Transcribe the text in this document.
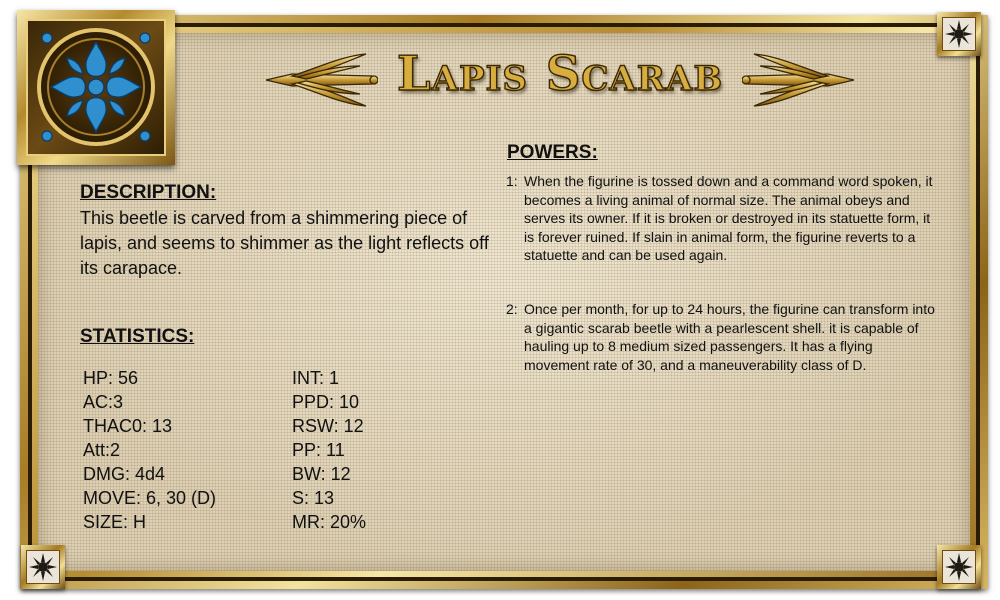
Lapis Scarab
DESCRIPTION:
This beetle is carved from a shimmering piece of lapis, and seems to shimmer as the light reflects off its carapace.
STATISTICS:
HP: 56
AC:3
THAC0: 13
Att:2
DMG: 4d4
MOVE: 6, 30 (D)
SIZE: H
INT: 1
PPD: 10
RSW: 12
PP: 11
BW: 12
S: 13
MR: 20%
POWERS:
1: When the figurine is tossed down and a command word spoken, it becomes a living animal of normal size. The animal obeys and serves its owner. If it is broken or destroyed in its statuette form, it is forever ruined. If slain in animal form, the figurine reverts to a statuette and can be used again.
2: Once per month, for up to 24 hours, the figurine can transform into a gigantic scarab beetle with a pearlescent shell. it is capable of hauling up to 8 medium sized passengers. It has a flying movement rate of 30, and a maneuverability class of D.
